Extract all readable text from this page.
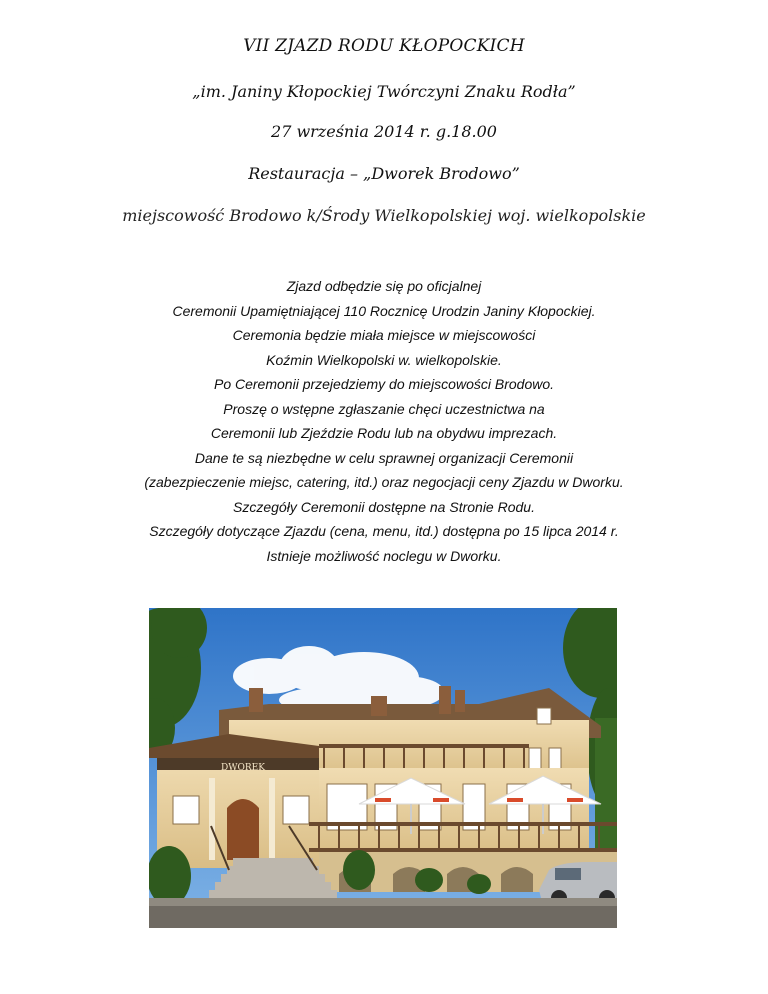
VII ZJAZD RODU KŁOPOCKICH
„im. Janiny Kłopockiej Twórczyni Znaku Rodła”
27 września 2014 r. g.18.00
Restauracja – „Dworek Brodowo”
miejscowość Brodowo k/Środy Wielkopolskiej woj. wielkopolskie
Zjazd odbędzie się po oficjalnej
Ceremonii Upamiętniającej 110 Rocznicę Urodzin Janiny Kłopockiej.
Ceremonia będzie miała miejsce w miejscowości
Koźmin Wielkopolski w. wielkopolskie.
Po Ceremonii przejedziemy do miejscowości Brodowo.
Proszę o wstępne zgłaszanie chęci uczestnictwa na
Ceremonii lub Zjeździe Rodu lub na obydwu imprezach.
Dane te są niezbędne w celu sprawnej organizacji Ceremonii
(zabezpieczenie miejsc, catering, itd.) oraz negocjacji ceny Zjazdu w Dworku.
Szczegóły Ceremonii dostępne na Stronie Rodu.
Szczegóły dotyczące Zjazdu (cena, menu, itd.) dostępna po 15 lipca 2014 r.
Istnieje możliwość noclegu w Dworku.
DWOREK
